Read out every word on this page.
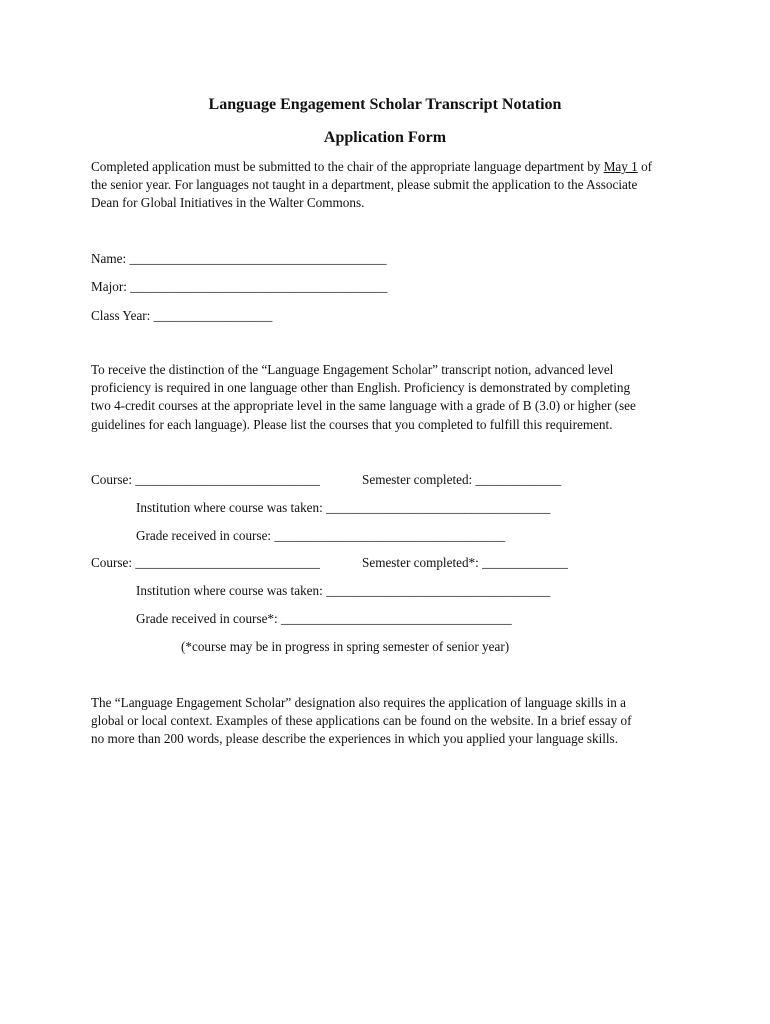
Language Engagement Scholar Transcript Notation
Application Form

Completed application must be submitted to the chair of the appropriate language department by May 1 of

the senior year. For languages not taught in a department, please submit the application to the Associate

Dean for Global Initiatives in the Walter Commons.

Name: _______________________________________
Major: _______________________________________
Class Year: __________________

To receive the distinction of the “Language Engagement Scholar” transcript notion, advanced level

proficiency is required in one language other than English. Proficiency is demonstrated by completing

two 4-credit courses at the appropriate level in the same language with a grade of B (3.0) or higher (see

guidelines for each language). Please list the courses that you completed to fulfill this requirement.

Course: ____________________________	Semester completed: _____________
Institution where course was taken: __________________________________
Grade received in course: ___________________________________
Course: ____________________________	Semester completed*: _____________
Institution where course was taken: __________________________________
Grade received in course*: ___________________________________
(*course may be in progress in spring semester of senior year)

The “Language Engagement Scholar” designation also requires the application of language skills in a

global or local context. Examples of these applications can be found on the website. In a brief essay of

no more than 200 words, please describe the experiences in which you applied your language skills.
